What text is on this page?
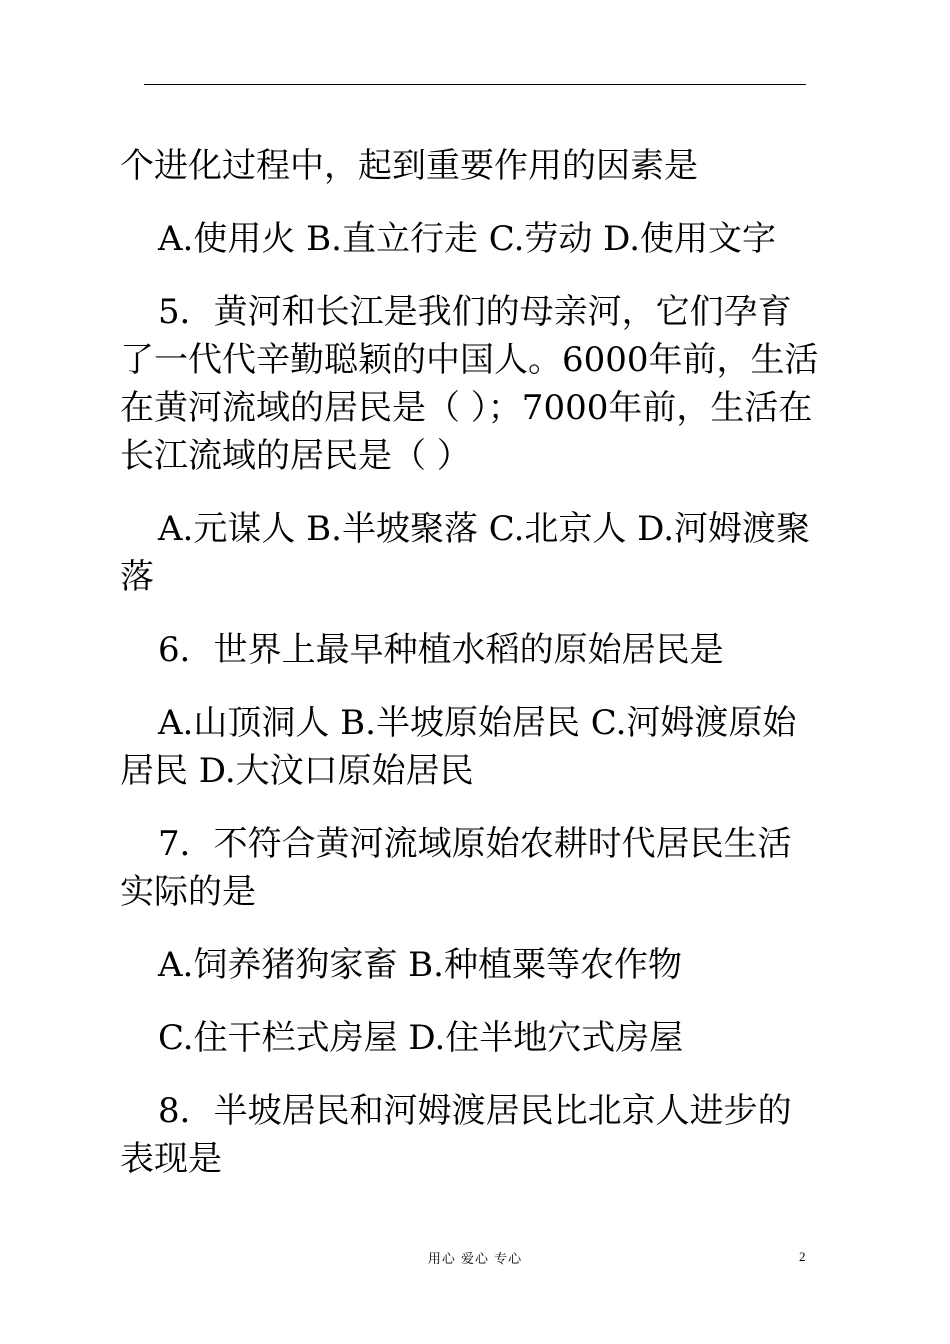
个进化过程中，起到重要作用的因素是

A.使用火 B.直立行走 C.劳动 D.使用文字

5．黄河和长江是我们的母亲河，它们孕育了一代代辛勤聪颖的中国人。6000年前，生活在黄河流域的居民是（ ）；7000年前，生活在长江流域的居民是（ ）

A.元谋人 B.半坡聚落 C.北京人 D.河姆渡聚落

6．世界上最早种植水稻的原始居民是

A.山顶洞人 B.半坡原始居民 C.河姆渡原始居民 D.大汶口原始居民

7．不符合黄河流域原始农耕时代居民生活实际的是

A.饲养猪狗家畜 B.种植粟等农作物

C.住干栏式房屋 D.住半地穴式房屋

8．半坡居民和河姆渡居民比北京人进步的表现是

用心 爱心 专心	2
